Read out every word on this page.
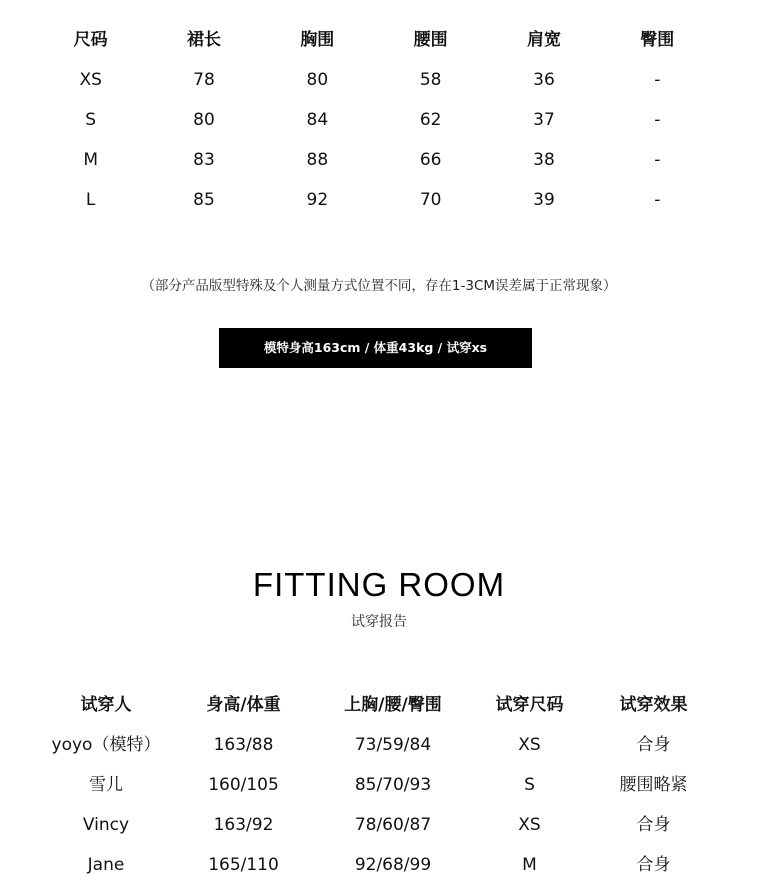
尺码	裙长	胸围	腰围	肩宽	臀围
XS	78	80	58	36	-
S	80	84	62	37	-
M	83	88	66	38	-
L	85	92	70	39	-
（部分产品版型特殊及个人测量方式位置不同，存在1-3CM误差属于正常现象）
模特身高163cm / 体重43kg / 试穿xs
FITTING ROOM
试穿报告
试穿人	身高/体重	上胸/腰/臀围	试穿尺码	试穿效果
yoyo（模特）	163/88	73/59/84	XS	合身
雪儿	160/105	85/70/93	S	腰围略紧
Vincy	163/92	78/60/87	XS	合身
Jane	165/110	92/68/99	M	合身
